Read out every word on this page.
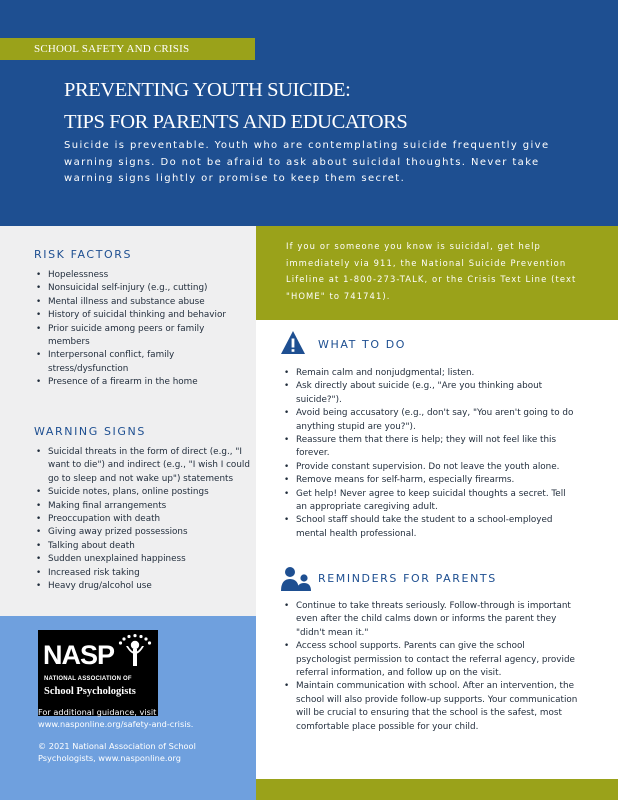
SCHOOL SAFETY AND CRISIS
PREVENTING YOUTH SUICIDE:
TIPS FOR PARENTS AND EDUCATORS

Suicide is preventable. Youth who are contemplating suicide frequently give warning signs. Do not be afraid to ask about suicidal thoughts. Never take warning signs lightly or promise to keep them secret.

RISK FACTORS
• Hopelessness
• Nonsuicidal self-injury (e.g., cutting)
• Mental illness and substance abuse
• History of suicidal thinking and behavior
• Prior suicide among peers or family members
• Interpersonal conflict, family stress/dysfunction
• Presence of a firearm in the home
WARNING SIGNS
• Suicidal threats in the form of direct (e.g., "I want to die") and indirect (e.g., "I wish I could go to sleep and not wake up") statements
• Suicide notes, plans, online postings
• Making final arrangements
• Preoccupation with death
• Giving away prized possessions
• Talking about death
• Sudden unexplained happiness
• Increased risk taking
• Heavy drug/alcohol use
NASP
NATIONAL ASSOCIATION OF
School Psychologists

For additional guidance, visit www.nasponline.org/safety-and-crisis.

© 2021 National Association of School Psychologists, www.nasponline.org

If you or someone you know is suicidal, get help immediately via 911, the National Suicide Prevention Lifeline at 1-800-273-TALK, or the Crisis Text Line (text "HOME" to 741741).

WHAT TO DO
• Remain calm and nonjudgmental; listen.
• Ask directly about suicide (e.g., "Are you thinking about suicide?").
• Avoid being accusatory (e.g., don't say, "You aren't going to do anything stupid are you?").
• Reassure them that there is help; they will not feel like this forever.
• Provide constant supervision. Do not leave the youth alone.
• Remove means for self-harm, especially firearms.
• Get help! Never agree to keep suicidal thoughts a secret. Tell an appropriate caregiving adult.
• School staff should take the student to a school-employed mental health professional.
REMINDERS FOR PARENTS
• Continue to take threats seriously. Follow-through is important even after the child calms down or informs the parent they "didn't mean it."
• Access school supports. Parents can give the school psychologist permission to contact the referral agency, provide referral information, and follow up on the visit.
• Maintain communication with school. After an intervention, the school will also provide follow-up supports. Your communication will be crucial to ensuring that the school is the safest, most comfortable place possible for your child.
